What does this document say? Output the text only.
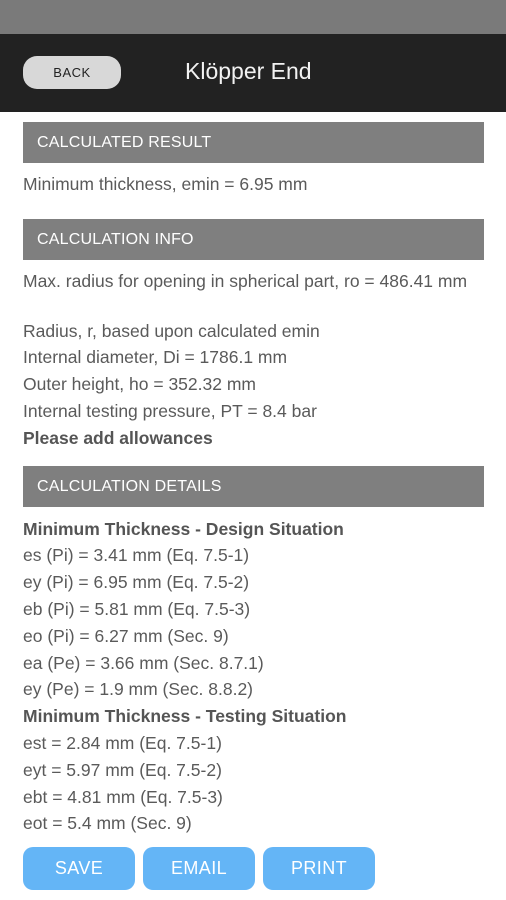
BACK	Klöpper End
CALCULATED RESULT
Minimum thickness, emin = 6.95 mm
CALCULATION INFO
Max. radius for opening in spherical part, ro = 486.41 mm
Radius, r, based upon calculated emin
Internal diameter, Di = 1786.1 mm
Outer height, ho = 352.32 mm
Internal testing pressure, PT = 8.4 bar
Please add allowances
CALCULATION DETAILS
Minimum Thickness - Design Situation
es (Pi) = 3.41 mm (Eq. 7.5-1)
ey (Pi) = 6.95 mm (Eq. 7.5-2)
eb (Pi) = 5.81 mm (Eq. 7.5-3)
eo (Pi) = 6.27 mm (Sec. 9)
ea (Pe) = 3.66 mm (Sec. 8.7.1)
ey (Pe) = 1.9 mm (Sec. 8.8.2)
Minimum Thickness - Testing Situation
est = 2.84 mm (Eq. 7.5-1)
eyt = 5.97 mm (Eq. 7.5-2)
ebt = 4.81 mm (Eq. 7.5-3)
eot = 5.4 mm (Sec. 9)
SAVE	EMAIL	PRINT
